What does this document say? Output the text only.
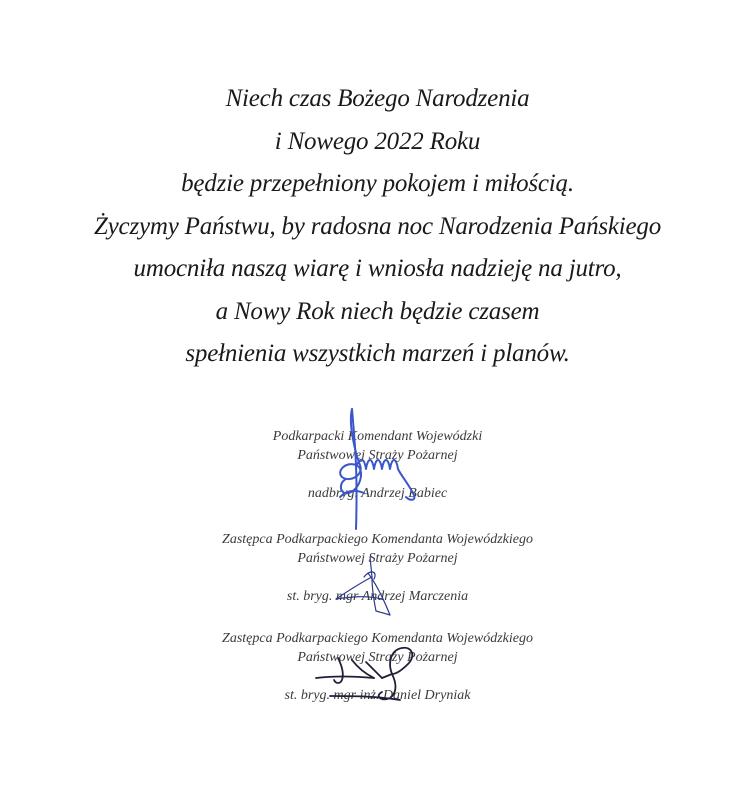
Niech czas Bożego Narodzenia
i Nowego 2022 Roku
będzie przepełniony pokojem i miłością.
Życzymy Państwu, by radosna noc Narodzenia Pańskiego
umocniła naszą wiarę i wniosła nadzieję na jutro,
a Nowy Rok niech będzie czasem
spełnienia wszystkich marzeń i planów.
Podkarpacki Komendant Wojewódzki
Państwowej Straży Pożarnej
nadbryg. Andrzej Babiec
Zastępca Podkarpackiego Komendanta Wojewódzkiego
Państwowej Straży Pożarnej
st. bryg. mgr Andrzej Marczenia
Zastępca Podkarpackiego Komendanta Wojewódzkiego
Państwowej Straży Pożarnej
st. bryg. mgr inż. Daniel Dryniak
